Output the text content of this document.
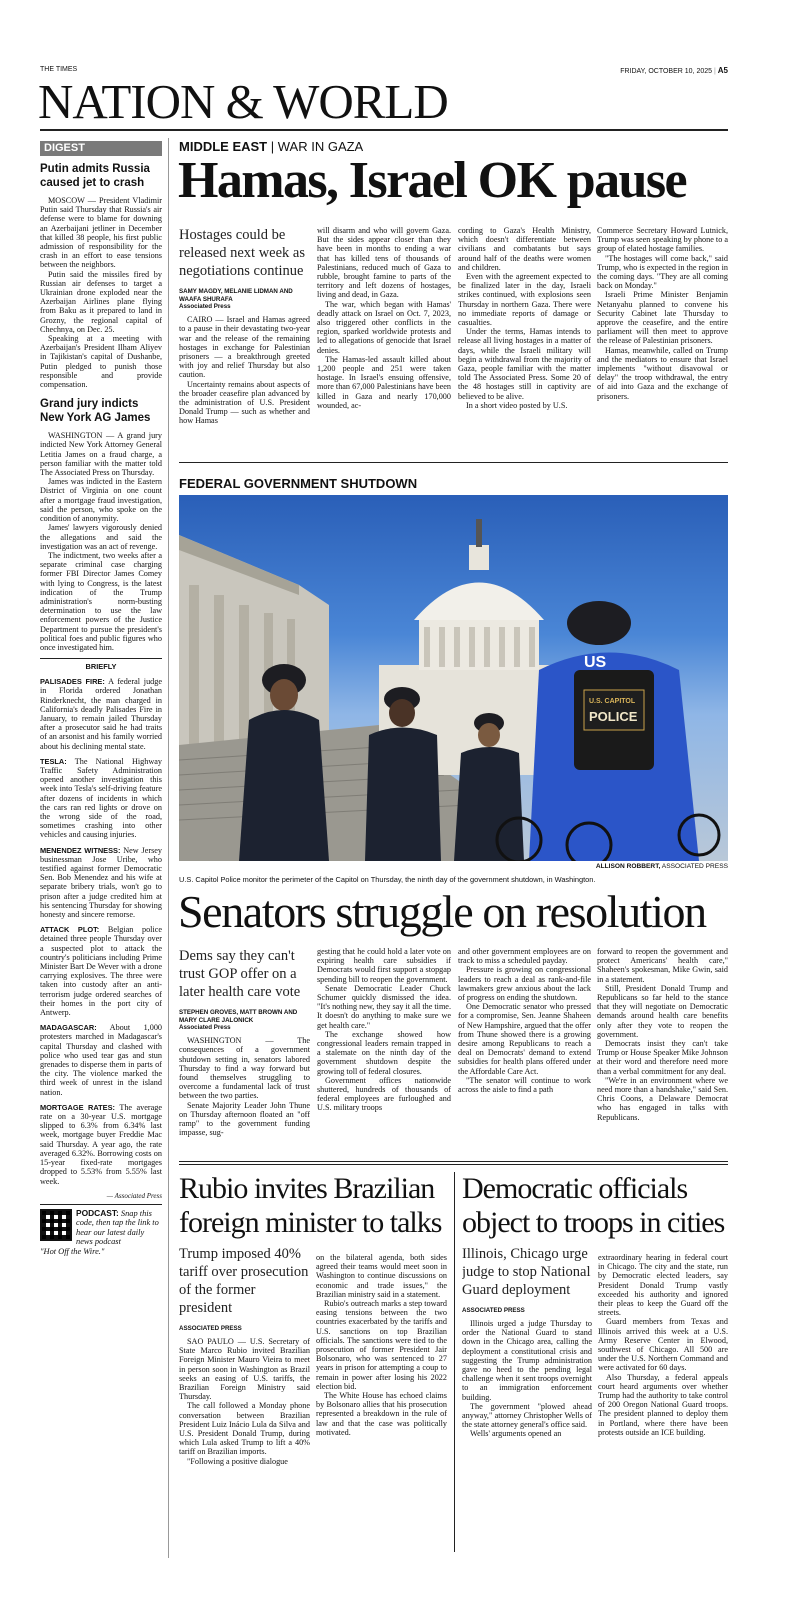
THE TIMES	FRIDAY, OCTOBER 10, 2025 | A5
NATION & WORLD
DIGEST
Putin admits Russia caused jet to crash

MOSCOW — President Vladimir Putin said Thursday that Russia's air defense were to blame for downing an Azerbaijani jetliner in December that killed 38 people, his first public admission of responsibility for the crash in an effort to ease tensions between the neighbors.

Putin said the missiles fired by Russian air defenses to target a Ukrainian drone exploded near the Azerbaijan Airlines plane flying from Baku as it prepared to land in Grozny, the regional capital of Chechnya, on Dec. 25.

Speaking at a meeting with Azerbaijan's President Ilham Aliyev in Tajikistan's capital of Dushanbe, Putin pledged to punish those responsible and provide compensation.

Grand jury indicts New York AG James

WASHINGTON — A grand jury indicted New York Attorney General Letitia James on a fraud charge, a person familiar with the matter told The Associated Press on Thursday.

James was indicted in the Eastern District of Virginia on one count after a mortgage fraud investigation, said the person, who spoke on the condition of anonymity.

James' lawyers vigorously denied the allegations and said the investigation was an act of revenge.

The indictment, two weeks after a separate criminal case charging former FBI Director James Comey with lying to Congress, is the latest indication of the Trump administration's norm-busting determination to use the law enforcement powers of the Justice Department to pursue the president's political foes and public figures who once investigated him.

BRIEFLY
PALISADES FIRE: A federal judge in Florida ordered Jonathan Rinderknecht, the man charged in California's deadly Palisades Fire in January, to remain jailed Thursday after a prosecutor said he had traits of an arsonist and his family worried about his declining mental state.
TESLA: The National Highway Traffic Safety Administration opened another investigation this week into Tesla's self-driving feature after dozens of incidents in which the cars ran red lights or drove on the wrong side of the road, sometimes crashing into other vehicles and causing injuries.
MENENDEZ WITNESS: New Jersey businessman Jose Uribe, who testified against former Democratic Sen. Bob Menendez and his wife at separate bribery trials, won't go to prison after a judge credited him at his sentencing Thursday for showing honesty and sincere remorse.
ATTACK PLOT: Belgian police detained three people Thursday over a suspected plot to attack the country's politicians including Prime Minister Bart De Wever with a drone carrying explosives. The three were taken into custody after an anti-terrorism judge ordered searches of their homes in the port city of Antwerp.
MADAGASCAR: About 1,000 protesters marched in Madagascar's capital Thursday and clashed with police who used tear gas and stun grenades to disperse them in parts of the city. The violence marked the third week of unrest in the island nation.
MORTGAGE RATES: The average rate on a 30-year U.S. mortgage slipped to 6.3% from 6.34% last week, mortgage buyer Freddie Mac said Thursday. A year ago, the rate averaged 6.32%. Borrowing costs on 15-year fixed-rate mortgages dropped to 5.53% from 5.55% last week.
— Associated Press
PODCAST: Snap this code, then tap the link to hear our latest daily news podcast
"Hot Off the Wire."
MIDDLE EAST | WAR IN GAZA
Hamas, Israel OK pause
Hostages could be released next week as negotiations continue
SAMY MAGDY, MELANIE LIDMAN AND WAAFA SHURAFA
Associated Press

CAIRO — Israel and Hamas agreed to a pause in their devastating two-year war and the release of the remaining hostages in exchange for Palestinian prisoners — a breakthrough greeted with joy and relief Thursday but also caution.

Uncertainty remains about aspects of the broader ceasefire plan advanced by the administration of U.S. President Donald Trump — such as whether and how Hamas

will disarm and who will govern Gaza. But the sides appear closer than they have been in months to ending a war that has killed tens of thousands of Palestinians, reduced much of Gaza to rubble, brought famine to parts of the territory and left dozens of hostages, living and dead, in Gaza.

The war, which began with Hamas' deadly attack on Israel on Oct. 7, 2023, also triggered other conflicts in the region, sparked worldwide protests and led to allegations of genocide that Israel denies.

The Hamas-led assault killed about 1,200 people and 251 were taken hostage. In Israel's ensuing offensive, more than 67,000 Palestinians have been killed in Gaza and nearly 170,000 wounded, ac-

cording to Gaza's Health Ministry, which doesn't differentiate between civilians and combatants but says around half of the deaths were women and children.

Even with the agreement expected to be finalized later in the day, Israeli strikes continued, with explosions seen Thursday in northern Gaza. There were no immediate reports of damage or casualties.

Under the terms, Hamas intends to release all living hostages in a matter of days, while the Israeli military will begin a withdrawal from the majority of Gaza, people familiar with the matter told The Associated Press. Some 20 of the 48 hostages still in captivity are believed to be alive.

In a short video posted by U.S.

Commerce Secretary Howard Lutnick, Trump was seen speaking by phone to a group of elated hostage families.

"The hostages will come back," said Trump, who is expected in the region in the coming days. "They are all coming back on Monday."

Israeli Prime Minister Benjamin Netanyahu planned to convene his Security Cabinet late Thursday to approve the ceasefire, and the entire parliament will then meet to approve the release of Palestinian prisoners.

Hamas, meanwhile, called on Trump and the mediators to ensure that Israel implements "without disavowal or delay" the troop withdrawal, the entry of aid into Gaza and the exchange of prisoners.

FEDERAL GOVERNMENT SHUTDOWN
US
U.S. CAPITOL
POLICE
ALLISON ROBBERT, ASSOCIATED PRESS
U.S. Capitol Police monitor the perimeter of the Capitol on Thursday, the ninth day of the government shutdown, in Washington.
Senators struggle on resolution
Dems say they can't trust GOP offer on a later health care vote
STEPHEN GROVES, MATT BROWN AND MARY CLARE JALONICK
Associated Press

WASHINGTON — The consequences of a government shutdown setting in, senators labored Thursday to find a way forward but found themselves struggling to overcome a fundamental lack of trust between the two parties.

Senate Majority Leader John Thune on Thursday afternoon floated an "off ramp" to the government funding impasse, sug-

gesting that he could hold a later vote on expiring health care subsidies if Democrats would first support a stopgap spending bill to reopen the government.

Senate Democratic Leader Chuck Schumer quickly dismissed the idea. "It's nothing new, they say it all the time. It doesn't do anything to make sure we get health care."

The exchange showed how congressional leaders remain trapped in a stalemate on the ninth day of the government shutdown despite the growing toll of federal closures.

Government offices nationwide shuttered, hundreds of thousands of federal employees are furloughed and U.S. military troops

and other government employees are on track to miss a scheduled payday.

Pressure is growing on congressional leaders to reach a deal as rank-and-file lawmakers grew anxious about the lack of progress on ending the shutdown.

One Democratic senator who pressed for a compromise, Sen. Jeanne Shaheen of New Hampshire, argued that the offer from Thune showed there is a growing desire among Republicans to reach a deal on Democrats' demand to extend subsidies for health plans offered under the Affordable Care Act.

"The senator will continue to work across the aisle to find a path

forward to reopen the government and protect Americans' health care," Shaheen's spokesman, Mike Gwin, said in a statement.

Still, President Donald Trump and Republicans so far held to the stance that they will negotiate on Democratic demands around health care benefits only after they vote to reopen the government.

Democrats insist they can't take Trump or House Speaker Mike Johnson at their word and therefore need more than a verbal commitment for any deal.

"We're in an environment where we need more than a handshake," said Sen. Chris Coons, a Delaware Democrat who has engaged in talks with Republicans.

Rubio invites Brazilian foreign minister to talks
Trump imposed 40% tariff over prosecution of the former president
ASSOCIATED PRESS

SAO PAULO — U.S. Secretary of State Marco Rubio invited Brazilian Foreign Minister Mauro Vieira to meet in person soon in Washington as Brazil seeks an easing of U.S. tariffs, the Brazilian Foreign Ministry said Thursday.

The call followed a Monday phone conversation between Brazilian President Luiz Inácio Lula da Silva and U.S. President Donald Trump, during which Lula asked Trump to lift a 40% tariff on Brazilian imports.

"Following a positive dialogue

on the bilateral agenda, both sides agreed their teams would meet soon in Washington to continue discussions on economic and trade issues," the Brazilian ministry said in a statement.

Rubio's outreach marks a step toward easing tensions between the two countries exacerbated by the tariffs and U.S. sanctions on top Brazilian officials. The sanctions were tied to the prosecution of former President Jair Bolsonaro, who was sentenced to 27 years in prison for attempting a coup to remain in power after losing his 2022 election bid.

The White House has echoed claims by Bolsonaro allies that his prosecution represented a breakdown in the rule of law and that the case was politically motivated.

Democratic officials object to troops in cities
Illinois, Chicago urge judge to stop National Guard deployment
ASSOCIATED PRESS

Illinois urged a judge Thursday to order the National Guard to stand down in the Chicago area, calling the deployment a constitutional crisis and suggesting the Trump administration gave no heed to the pending legal challenge when it sent troops overnight to an immigration enforcement building.

The government "plowed ahead anyway," attorney Christopher Wells of the state attorney general's office said.

Wells' arguments opened an

extraordinary hearing in federal court in Chicago. The city and the state, run by Democratic elected leaders, say President Donald Trump vastly exceeded his authority and ignored their pleas to keep the Guard off the streets.

Guard members from Texas and Illinois arrived this week at a U.S. Army Reserve Center in Elwood, southwest of Chicago. All 500 are under the U.S. Northern Command and were activated for 60 days.

Also Thursday, a federal appeals court heard arguments over whether Trump had the authority to take control of 200 Oregon National Guard troops. The president planned to deploy them in Portland, where there have been protests outside an ICE building.
